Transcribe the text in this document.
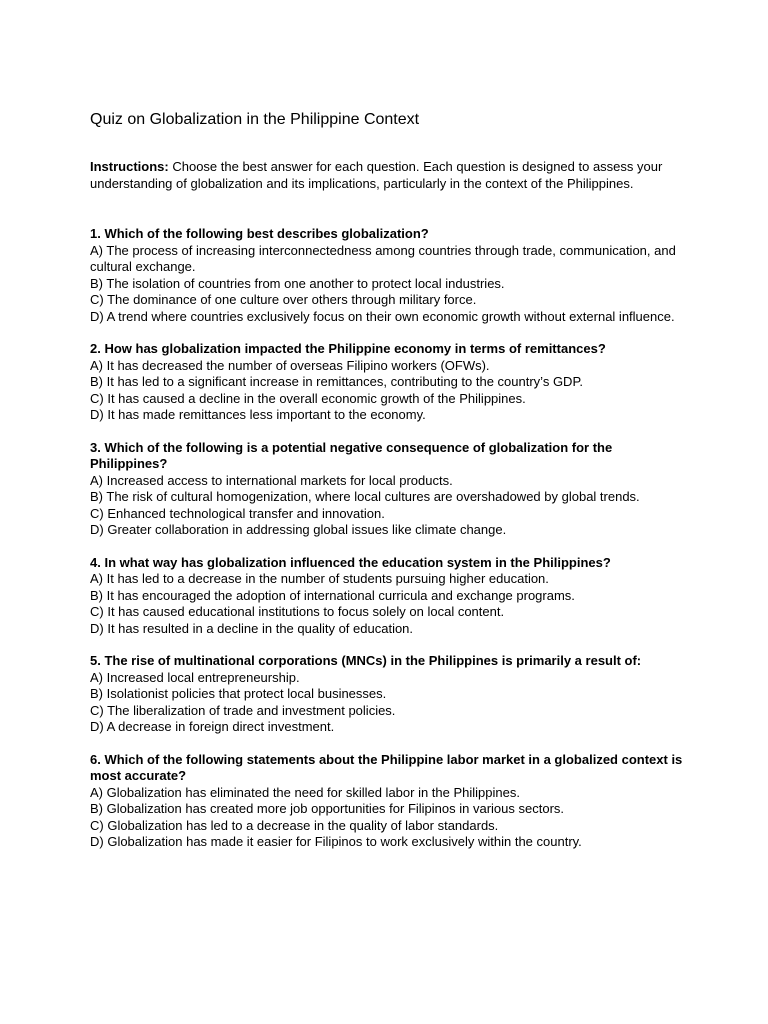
Quiz on Globalization in the Philippine Context

Instructions: Choose the best answer for each question. Each question is designed to assess your understanding of globalization and its implications, particularly in the context of the Philippines.

1. Which of the following best describes globalization?
A) The process of increasing interconnectedness among countries through trade, communication, and cultural exchange.
B) The isolation of countries from one another to protect local industries.
C) The dominance of one culture over others through military force.
D) A trend where countries exclusively focus on their own economic growth without external influence.
2. How has globalization impacted the Philippine economy in terms of remittances?
A) It has decreased the number of overseas Filipino workers (OFWs).
B) It has led to a significant increase in remittances, contributing to the country’s GDP.
C) It has caused a decline in the overall economic growth of the Philippines.
D) It has made remittances less important to the economy.
3. Which of the following is a potential negative consequence of globalization for the Philippines?
A) Increased access to international markets for local products.
B) The risk of cultural homogenization, where local cultures are overshadowed by global trends.
C) Enhanced technological transfer and innovation.
D) Greater collaboration in addressing global issues like climate change.
4. In what way has globalization influenced the education system in the Philippines?
A) It has led to a decrease in the number of students pursuing higher education.
B) It has encouraged the adoption of international curricula and exchange programs.
C) It has caused educational institutions to focus solely on local content.
D) It has resulted in a decline in the quality of education.
5. The rise of multinational corporations (MNCs) in the Philippines is primarily a result of:
A) Increased local entrepreneurship.
B) Isolationist policies that protect local businesses.
C) The liberalization of trade and investment policies.
D) A decrease in foreign direct investment.
6. Which of the following statements about the Philippine labor market in a globalized context is most accurate?
A) Globalization has eliminated the need for skilled labor in the Philippines.
B) Globalization has created more job opportunities for Filipinos in various sectors.
C) Globalization has led to a decrease in the quality of labor standards.
D) Globalization has made it easier for Filipinos to work exclusively within the country.
